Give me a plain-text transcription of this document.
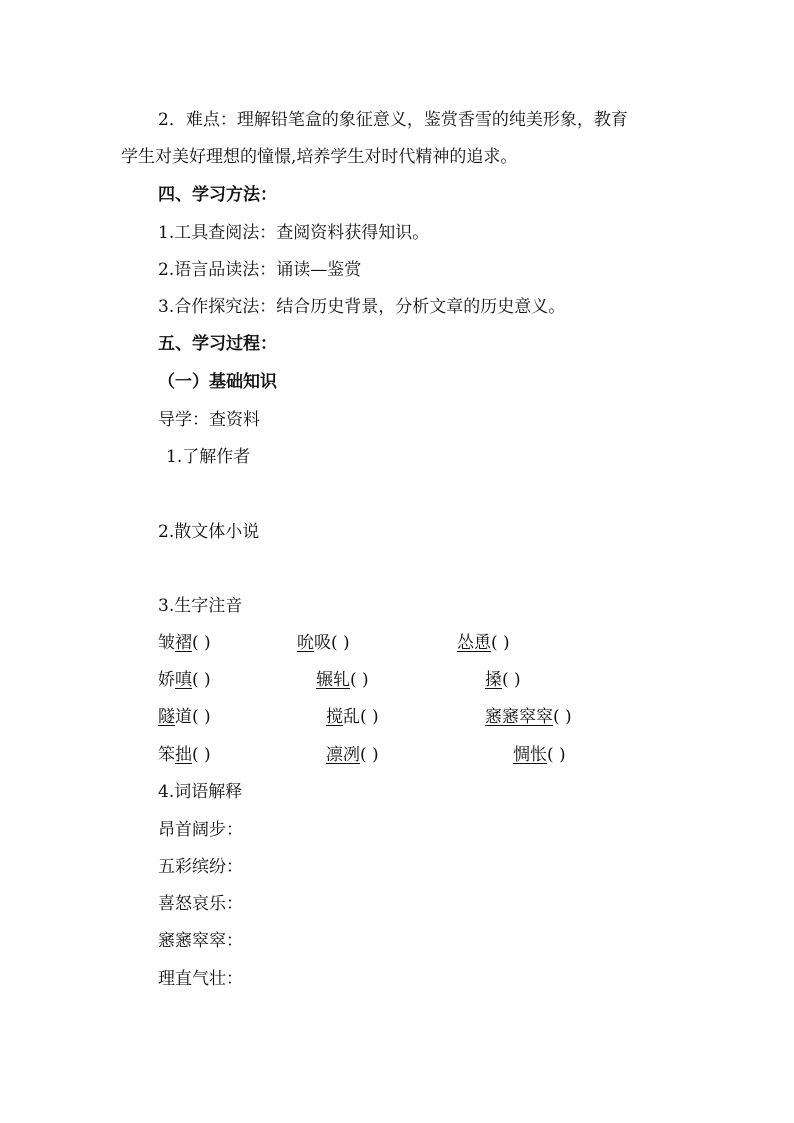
2．难点：理解铅笔盒的象征意义，鉴赏香雪的纯美形象，教育

学生对美好理想的憧憬,培养学生对时代精神的追求。

四、学习方法：

1.工具查阅法：查阅资料获得知识。

2.语言品读法：诵读—鉴赏

3.合作探究法：结合历史背景，分析文章的历史意义。

五、学习过程：

（一）基础知识

导学：查资料

1.了解作者

2.散文体小说

3.生字注音

皱褶( )	吮吸( )	怂恿( )

娇嗔( )	辗轧( )	搡( )

隧道( )	搅乱( )	窸窸窣窣( )

笨拙( )	凛冽( )	惆怅( )

4.词语解释

昂首阔步：

五彩缤纷：

喜怒哀乐：

窸窸窣窣：

理直气壮：
